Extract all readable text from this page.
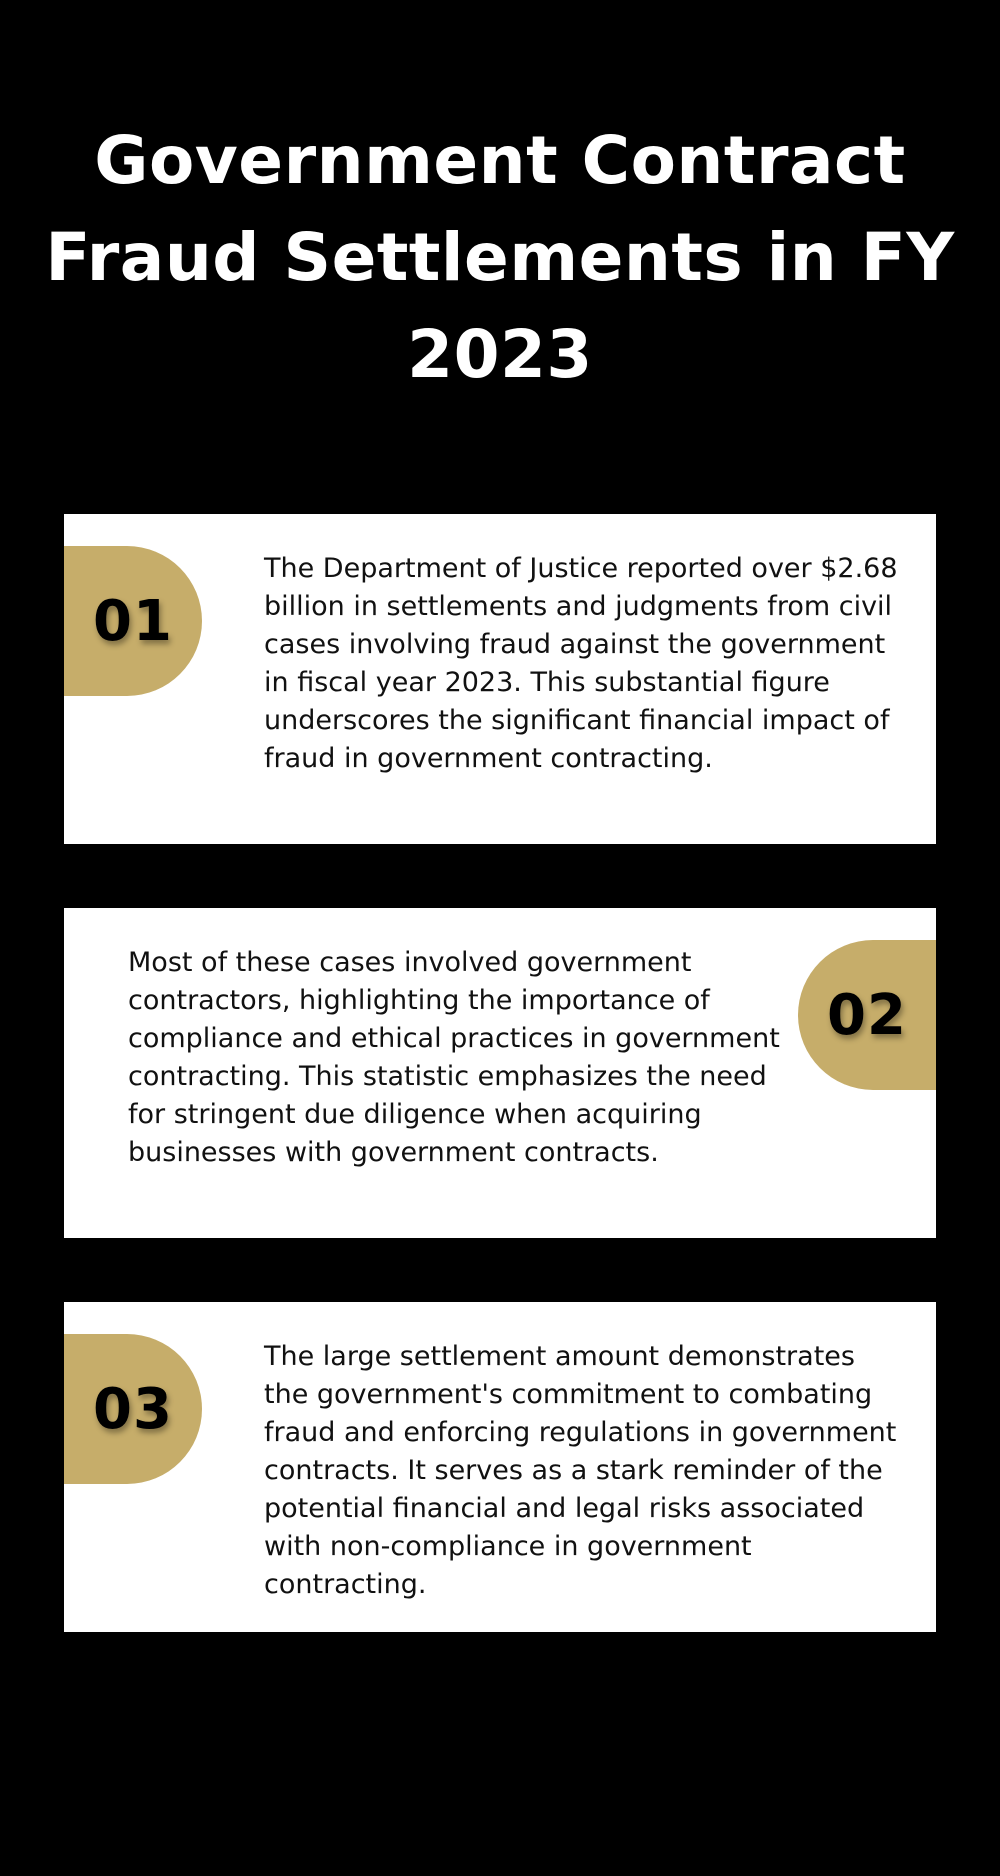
Government Contract Fraud Settlements in FY 2023
01

The Department of Justice reported over $2.68 billion in settlements and judgments from civil cases involving fraud against the government in fiscal year 2023. This substantial figure underscores the significant financial impact of fraud in government contracting.

Most of these cases involved government contractors, highlighting the importance of compliance and ethical practices in government contracting. This statistic emphasizes the need for stringent due diligence when acquiring businesses with government contracts.

02
03

The large settlement amount demonstrates the government's commitment to combating fraud and enforcing regulations in government contracts. It serves as a stark reminder of the potential financial and legal risks associated with non-compliance in government contracting.
